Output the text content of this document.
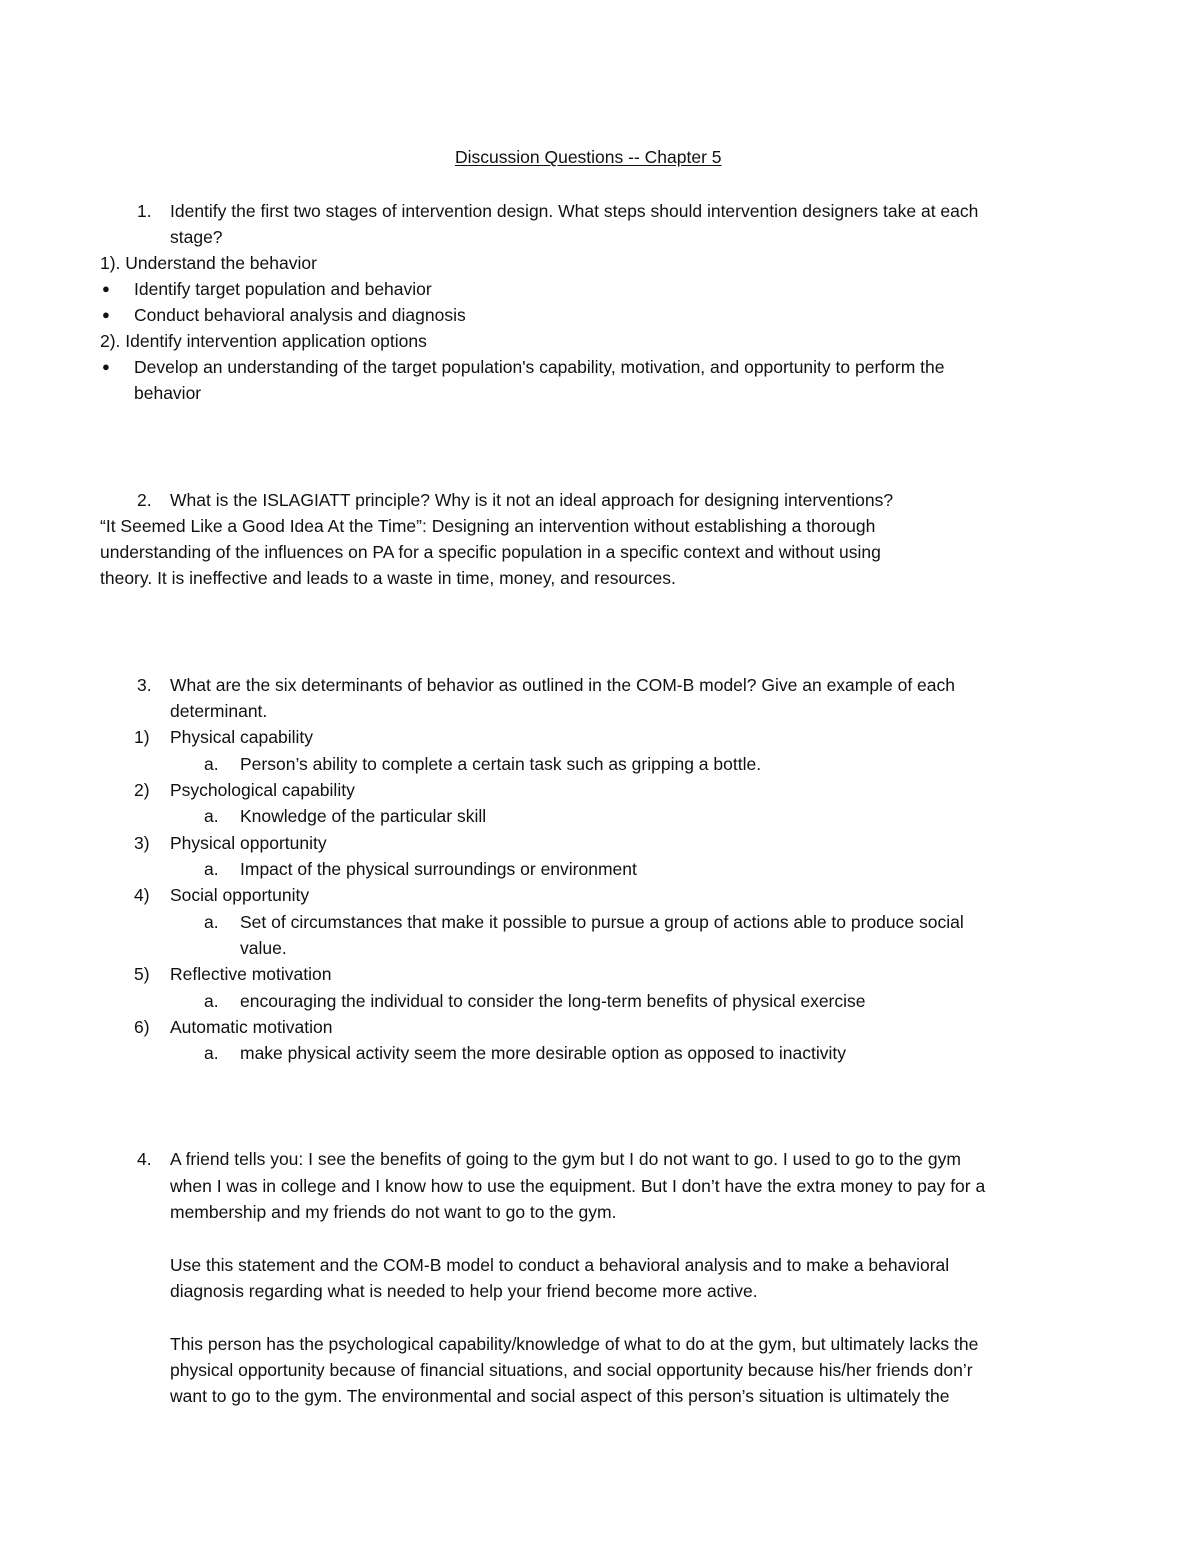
Discussion Questions -- Chapter 5
1. Identify the first two stages of intervention design. What steps should intervention designers take at each
stage?
1). Understand the behavior
● Identify target population and behavior
● Conduct behavioral analysis and diagnosis
2). Identify intervention application options
● Develop an understanding of the target population's capability, motivation, and opportunity to perform the
behavior
2. What is the ISLAGIATT principle? Why is it not an ideal approach for designing interventions?
“It Seemed Like a Good Idea At the Time”: Designing an intervention without establishing a thorough
understanding of the influences on PA for a specific population in a specific context and without using
theory. It is ineffective and leads to a waste in time, money, and resources.
3. What are the six determinants of behavior as outlined in the COM-B model? Give an example of each
determinant.
1) Physical capability
a. Person’s ability to complete a certain task such as gripping a bottle.
2) Psychological capability
a. Knowledge of the particular skill
3) Physical opportunity
a. Impact of the physical surroundings or environment
4) Social opportunity
a. Set of circumstances that make it possible to pursue a group of actions able to produce social
value.
5) Reflective motivation
a. encouraging the individual to consider the long-term benefits of physical exercise
6) Automatic motivation
a. make physical activity seem the more desirable option as opposed to inactivity
4. A friend tells you: I see the benefits of going to the gym but I do not want to go. I used to go to the gym
when I was in college and I know how to use the equipment. But I don’t have the extra money to pay for a
membership and my friends do not want to go to the gym.
Use this statement and the COM-B model to conduct a behavioral analysis and to make a behavioral
diagnosis regarding what is needed to help your friend become more active.
This person has the psychological capability/knowledge of what to do at the gym, but ultimately lacks the
physical opportunity because of financial situations, and social opportunity because his/her friends don’r
want to go to the gym. The environmental and social aspect of this person’s situation is ultimately the
